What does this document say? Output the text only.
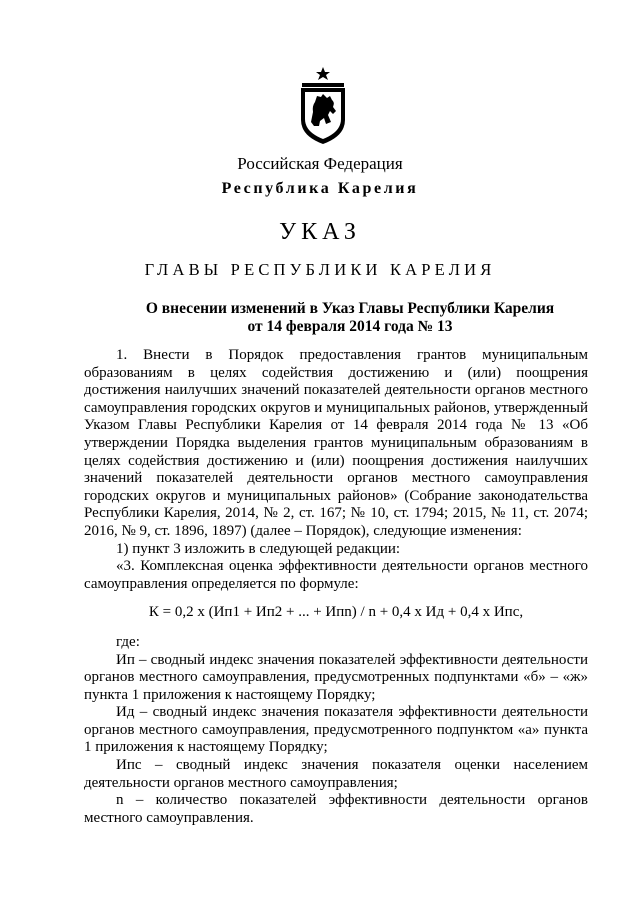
Российская Федерация
Республика Карелия
УКАЗ
ГЛАВЫ РЕСПУБЛИКИ КАРЕЛИЯ
О внесении изменений в Указ Главы Республики Карелия
от 14 февраля 2014 года № 13

1. Внести в Порядок предоставления грантов муниципальным образованиям в целях содействия достижению и (или) поощрения достижения наилучших значений показателей деятельности органов местного самоуправления городских округов и муниципальных районов, утвержденный Указом Главы Республики Карелия от 14 февраля 2014 года № 13 «Об утверждении Порядка выделения грантов муниципальным образованиям в целях содействия достижению и (или) поощрения достижения наилучших значений показателей деятельности органов местного самоуправления городских округов и муниципальных районов» (Собрание законодательства Республики Карелия, 2014, № 2, ст. 167; № 10, ст. 1794; 2015, № 11, ст. 2074; 2016, № 9, ст. 1896, 1897) (далее – Порядок), следующие изменения:

1) пункт 3 изложить в следующей редакции:

«3. Комплексная оценка эффективности деятельности органов местного самоуправления определяется по формуле:

К = 0,2 х (Ип1 + Ип2 + ... + Ипn) / n + 0,4 х Ид + 0,4 х Ипс,

где:

Ип – сводный индекс значения показателей эффективности деятельности органов местного самоуправления, предусмотренных подпунктами «б» – «ж» пункта 1 приложения к настоящему Порядку;

Ид – сводный индекс значения показателя эффективности деятельности органов местного самоуправления, предусмотренного подпунктом «а» пункта 1 приложения к настоящему Порядку;

Ипс – сводный индекс значения показателя оценки населением деятельности органов местного самоуправления;

n – количество показателей эффективности деятельности органов местного самоуправления.
